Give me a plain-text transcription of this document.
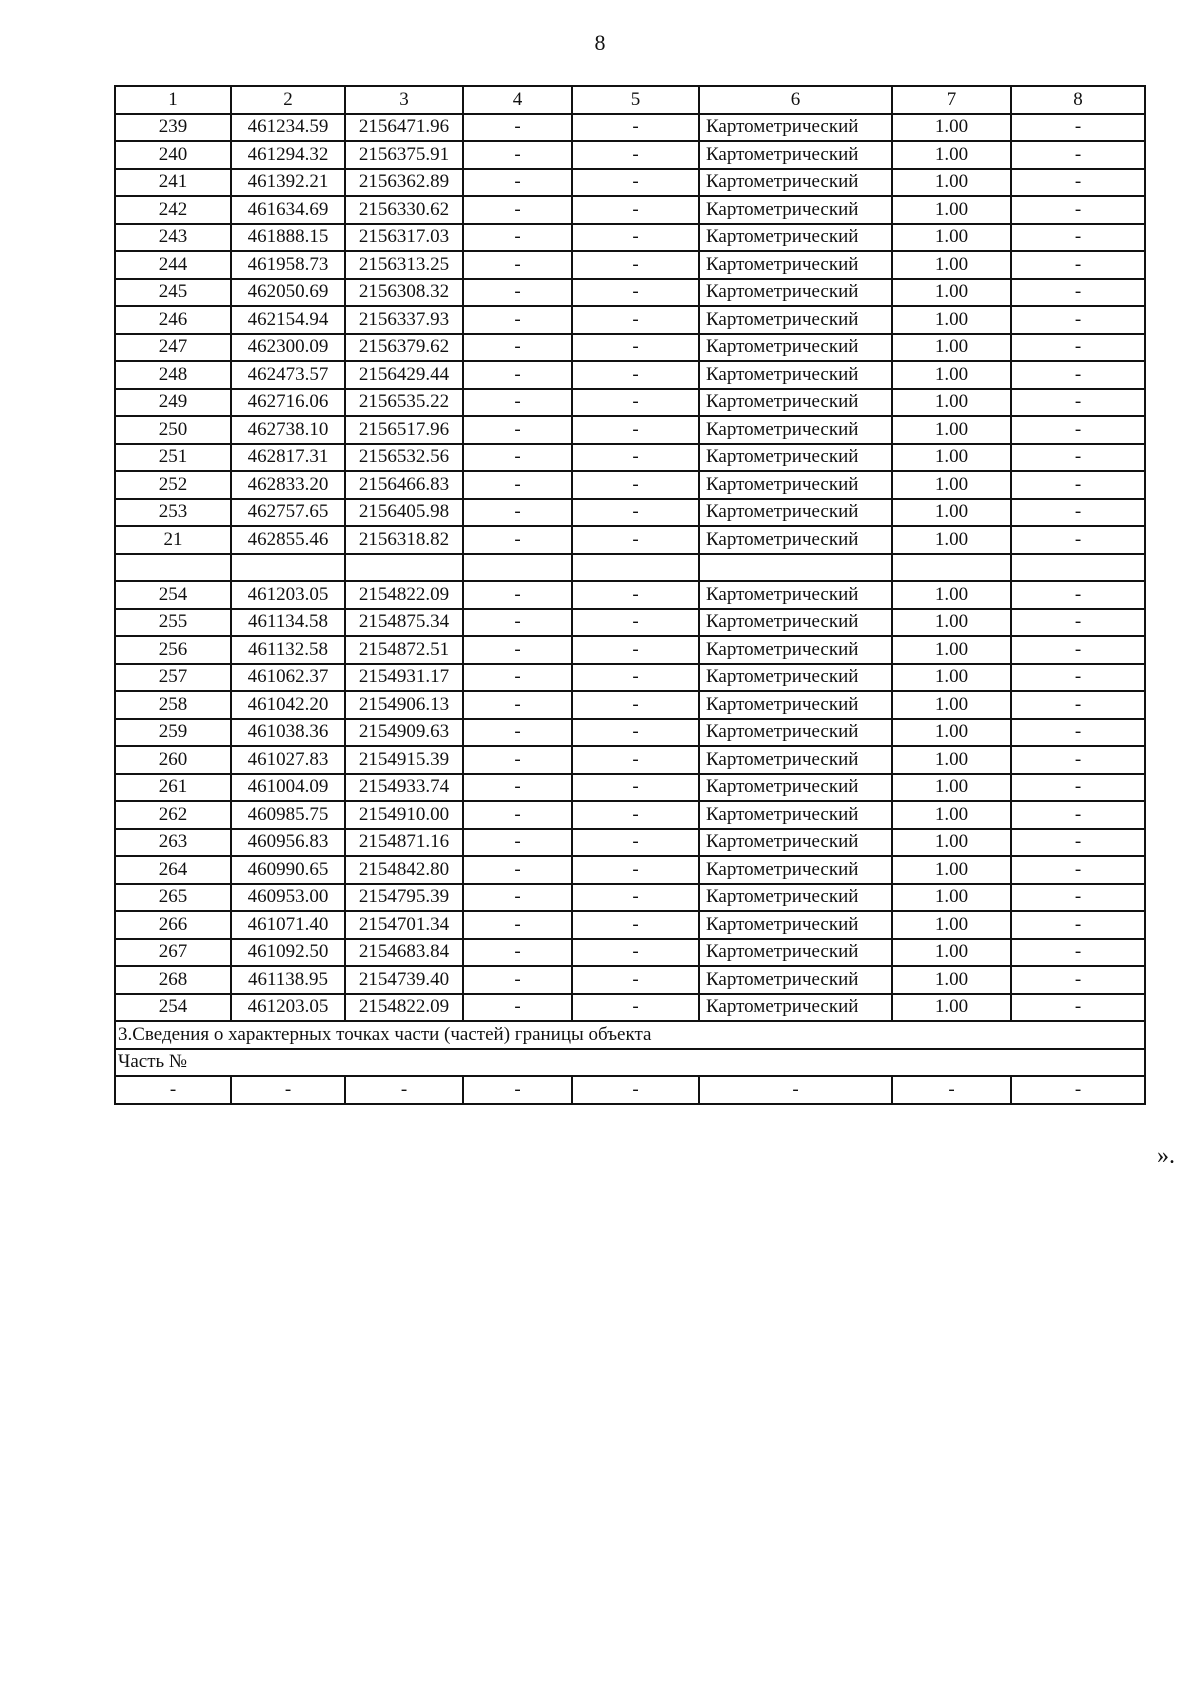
8
1	2	3	4	5	6	7	8
239	461234.59	2156471.96	-	-	Картометрический	1.00	-
240	461294.32	2156375.91	-	-	Картометрический	1.00	-
241	461392.21	2156362.89	-	-	Картометрический	1.00	-
242	461634.69	2156330.62	-	-	Картометрический	1.00	-
243	461888.15	2156317.03	-	-	Картометрический	1.00	-
244	461958.73	2156313.25	-	-	Картометрический	1.00	-
245	462050.69	2156308.32	-	-	Картометрический	1.00	-
246	462154.94	2156337.93	-	-	Картометрический	1.00	-
247	462300.09	2156379.62	-	-	Картометрический	1.00	-
248	462473.57	2156429.44	-	-	Картометрический	1.00	-
249	462716.06	2156535.22	-	-	Картометрический	1.00	-
250	462738.10	2156517.96	-	-	Картометрический	1.00	-
251	462817.31	2156532.56	-	-	Картометрический	1.00	-
252	462833.20	2156466.83	-	-	Картометрический	1.00	-
253	462757.65	2156405.98	-	-	Картометрический	1.00	-
21	462855.46	2156318.82	-	-	Картометрический	1.00	-

254	461203.05	2154822.09	-	-	Картометрический	1.00	-
255	461134.58	2154875.34	-	-	Картометрический	1.00	-
256	461132.58	2154872.51	-	-	Картометрический	1.00	-
257	461062.37	2154931.17	-	-	Картометрический	1.00	-
258	461042.20	2154906.13	-	-	Картометрический	1.00	-
259	461038.36	2154909.63	-	-	Картометрический	1.00	-
260	461027.83	2154915.39	-	-	Картометрический	1.00	-
261	461004.09	2154933.74	-	-	Картометрический	1.00	-
262	460985.75	2154910.00	-	-	Картометрический	1.00	-
263	460956.83	2154871.16	-	-	Картометрический	1.00	-
264	460990.65	2154842.80	-	-	Картометрический	1.00	-
265	460953.00	2154795.39	-	-	Картометрический	1.00	-
266	461071.40	2154701.34	-	-	Картометрический	1.00	-
267	461092.50	2154683.84	-	-	Картометрический	1.00	-
268	461138.95	2154739.40	-	-	Картометрический	1.00	-
254	461203.05	2154822.09	-	-	Картометрический	1.00	-
3.Сведения о характерных точках части (частей) границы объекта							
Часть №							
-	-	-	-	-	-	-	-
».
